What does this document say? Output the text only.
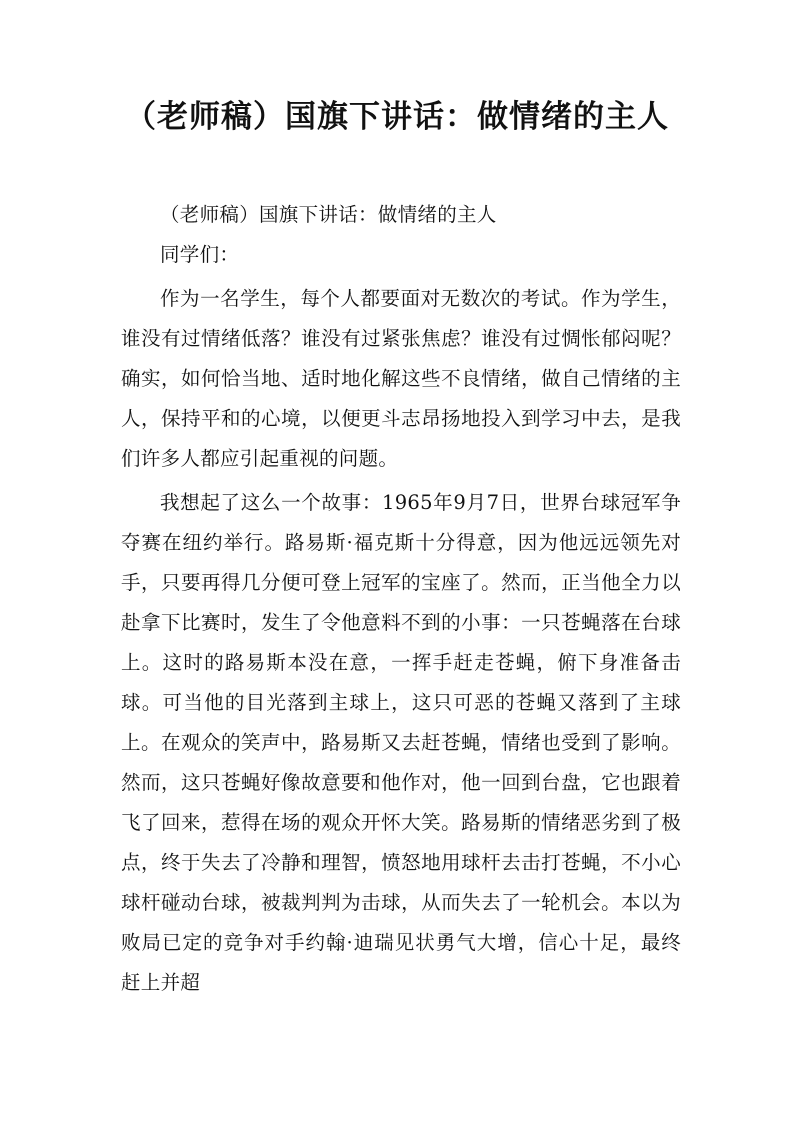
（老师稿）国旗下讲话：做情绪的主人

（老师稿）国旗下讲话：做情绪的主人

同学们：

作为一名学生，每个人都要面对无数次的考试。作为学生，谁没有过情绪低落？谁没有过紧张焦虑？谁没有过惆怅郁闷呢？确实，如何恰当地、适时地化解这些不良情绪，做自己情绪的主人，保持平和的心境，以便更斗志昂扬地投入到学习中去，是我们许多人都应引起重视的问题。

我想起了这么一个故事：1965年9月7日，世界台球冠军争夺赛在纽约举行。路易斯·福克斯十分得意，因为他远远领先对手，只要再得几分便可登上冠军的宝座了。然而，正当他全力以赴拿下比赛时，发生了令他意料不到的小事：一只苍蝇落在台球上。这时的路易斯本没在意，一挥手赶走苍蝇，俯下身准备击球。可当他的目光落到主球上，这只可恶的苍蝇又落到了主球上。在观众的笑声中，路易斯又去赶苍蝇，情绪也受到了影响。然而，这只苍蝇好像故意要和他作对，他一回到台盘，它也跟着飞了回来，惹得在场的观众开怀大笑。路易斯的情绪恶劣到了极点，终于失去了冷静和理智，愤怒地用球杆去击打苍蝇，不小心球杆碰动台球，被裁判判为击球，从而失去了一轮机会。本以为败局已定的竞争对手约翰·迪瑞见状勇气大增，信心十足，最终赶上并超
